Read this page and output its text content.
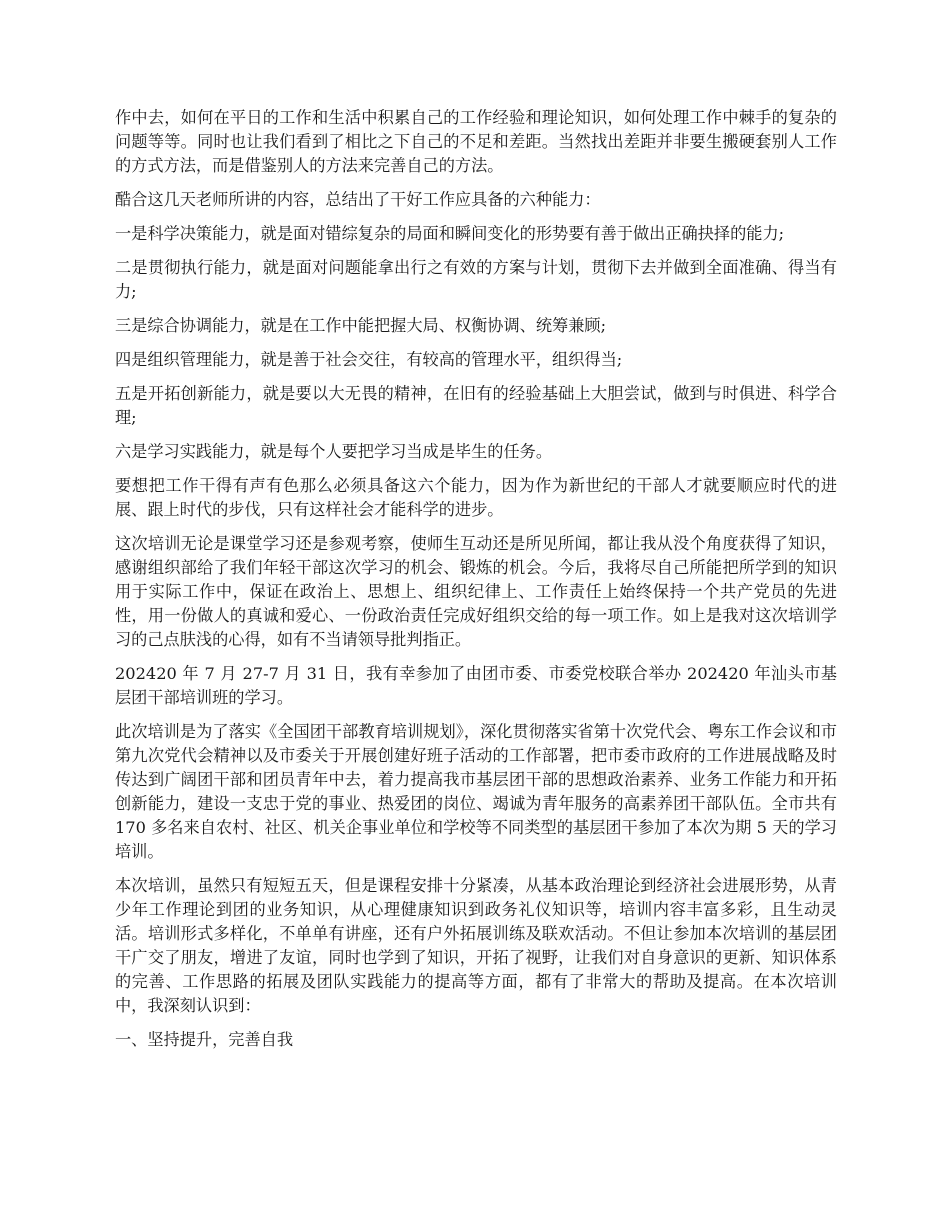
作中去，如何在平日的工作和生活中积累自己的工作经验和理论知识，如何处理工作中棘手的复杂的问题等等。同时也让我们看到了相比之下自己的不足和差距。当然找出差距并非要生搬硬套别人工作的方式方法，而是借鉴别人的方法来完善自己的方法。

酷合这几天老师所讲的内容，总结出了干好工作应具备的六种能力：

一是科学决策能力，就是面对错综复杂的局面和瞬间变化的形势要有善于做出正确抉择的能力;

二是贯彻执行能力，就是面对问题能拿出行之有效的方案与计划，贯彻下去并做到全面准确、得当有力;

三是综合协调能力，就是在工作中能把握大局、权衡协调、统筹兼顾;

四是组织管理能力，就是善于社会交往，有较高的管理水平，组织得当;

五是开拓创新能力，就是要以大无畏的精神，在旧有的经验基础上大胆尝试，做到与时俱进、科学合理;

六是学习实践能力，就是每个人要把学习当成是毕生的任务。

要想把工作干得有声有色那么必须具备这六个能力，因为作为新世纪的干部人才就要顺应时代的进展、跟上时代的步伐，只有这样社会才能科学的进步。

这次培训无论是课堂学习还是参观考察，使师生互动还是所见所闻，都让我从没个角度获得了知识，感谢组织部给了我们年轻干部这次学习的机会、锻炼的机会。今后，我将尽自己所能把所学到的知识用于实际工作中，保证在政治上、思想上、组织纪律上、工作责任上始终保持一个共产党员的先进性，用一份做人的真诚和爱心、一份政治责任完成好组织交给的每一项工作。如上是我对这次培训学习的己点肤浅的心得，如有不当请领导批判指正。

202420 年 7 月 27-7 月 31 日，我有幸参加了由团市委、市委党校联合举办 202420 年汕头市基层团干部培训班的学习。

此次培训是为了落实《全国团干部教育培训规划》，深化贯彻落实省第十次党代会、粤东工作会议和市第九次党代会精神以及市委关于开展创建好班子活动的工作部署，把市委市政府的工作进展战略及时传达到广阔团干部和团员青年中去，着力提高我市基层团干部的思想政治素养、业务工作能力和开拓创新能力，建设一支忠于党的事业、热爱团的岗位、竭诚为青年服务的高素养团干部队伍。全市共有 170 多名来自农村、社区、机关企事业单位和学校等不同类型的基层团干参加了本次为期 5 天的学习培训。

本次培训，虽然只有短短五天，但是课程安排十分紧凑，从基本政治理论到经济社会进展形势，从青少年工作理论到团的业务知识，从心理健康知识到政务礼仪知识等，培训内容丰富多彩，且生动灵活。培训形式多样化，不单单有讲座，还有户外拓展训练及联欢活动。不但让参加本次培训的基层团干广交了朋友，增进了友谊，同时也学到了知识，开拓了视野，让我们对自身意识的更新、知识体系的完善、工作思路的拓展及团队实践能力的提高等方面，都有了非常大的帮助及提高。在本次培训中，我深刻认识到：

一、坚持提升，完善自我
